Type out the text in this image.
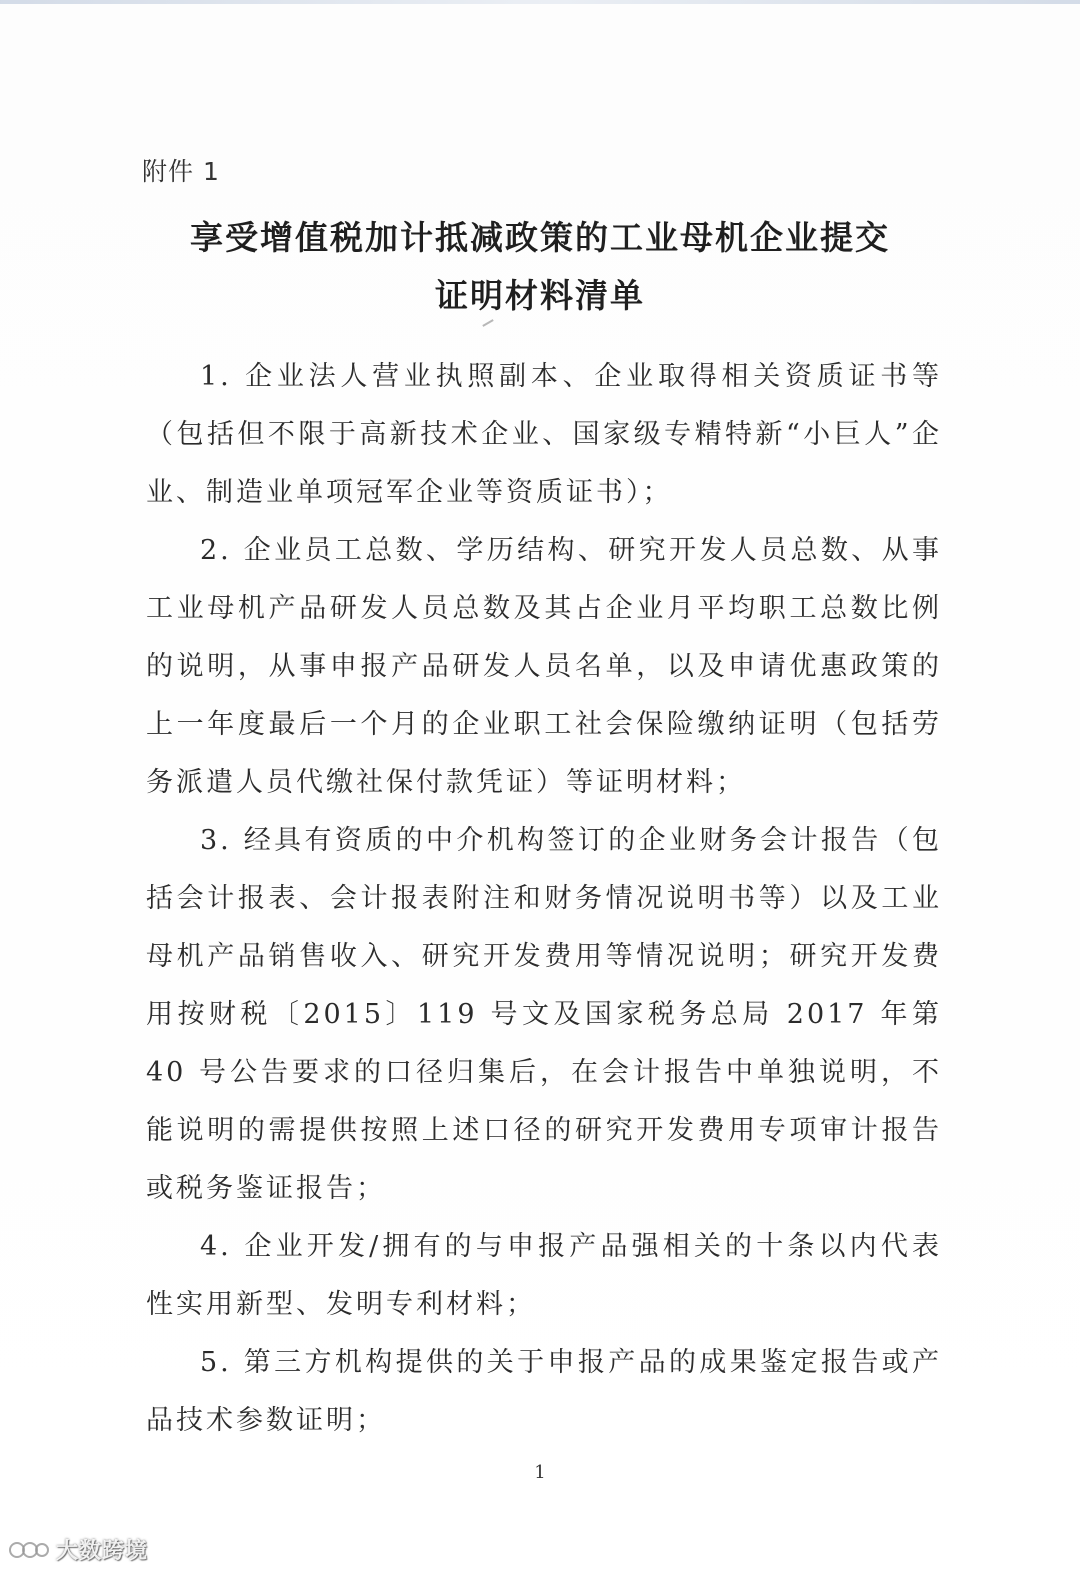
附件 1
享受增值税加计抵减政策的工业母机企业提交
证明材料清单

1. 企业法人营业执照副本、企业取得相关资质证书等（包括但不限于高新技术企业、国家级专精特新“小巨人”企业、制造业单项冠军企业等资质证书）；

2. 企业员工总数、学历结构、研究开发人员总数、从事工业母机产品研发人员总数及其占企业月平均职工总数比例的说明，从事申报产品研发人员名单，以及申请优惠政策的上一年度最后一个月的企业职工社会保险缴纳证明（包括劳务派遣人员代缴社保付款凭证）等证明材料；

3. 经具有资质的中介机构签订的企业财务会计报告（包括会计报表、会计报表附注和财务情况说明书等）以及工业母机产品销售收入、研究开发费用等情况说明；研究开发费用按财税〔2015〕119 号文及国家税务总局 2017 年第 40 号公告要求的口径归集后，在会计报告中单独说明，不能说明的需提供按照上述口径的研究开发费用专项审计报告或税务鉴证报告；

4. 企业开发/拥有的与申报产品强相关的十条以内代表性实用新型、发明专利材料；

5. 第三方机构提供的关于申报产品的成果鉴定报告或产品技术参数证明；

1
大数跨境
